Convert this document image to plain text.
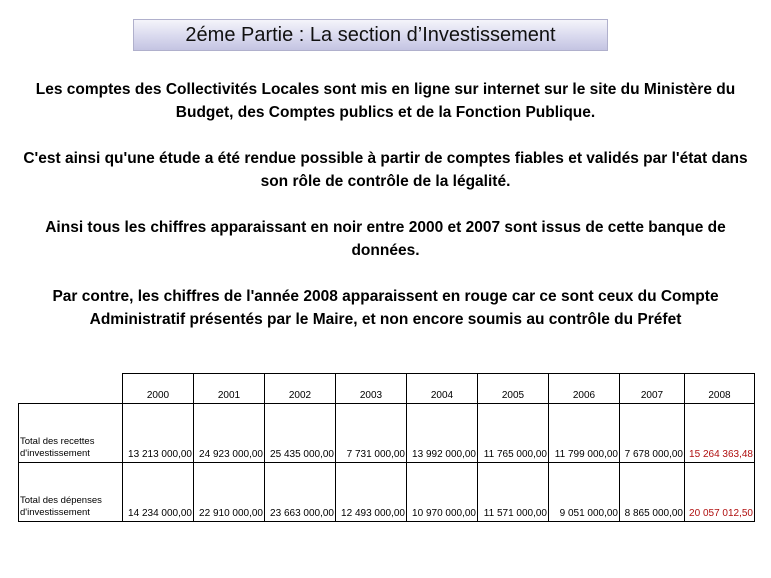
2éme Partie : La section d’Investissement

Les comptes des Collectivités Locales sont mis en ligne sur internet sur le site du Ministère du Budget, des Comptes publics et de la Fonction Publique.

C'est ainsi qu'une étude a été rendue possible à partir de comptes fiables et validés par l'état dans son rôle de contrôle de la légalité.

Ainsi tous les chiffres apparaissant en noir entre 2000 et 2007 sont issus de cette banque de données.

Par contre, les chiffres de l'année 2008 apparaissent en rouge car ce sont ceux du Compte Administratif présentés par le Maire, et non encore soumis au contrôle du Préfet

	2000	2001	2002	2003	2004	2005	2006	2007	2008
Total des recettes d'investissement	13 213 000,00	24 923 000,00	25 435 000,00	7 731 000,00	13 992 000,00	11 765 000,00	11 799 000,00	7 678 000,00	15 264 363,48
Total des dépenses d'investissement	14 234 000,00	22 910 000,00	23 663 000,00	12 493 000,00	10 970 000,00	11 571 000,00	9 051 000,00	8 865 000,00	20 057 012,50
